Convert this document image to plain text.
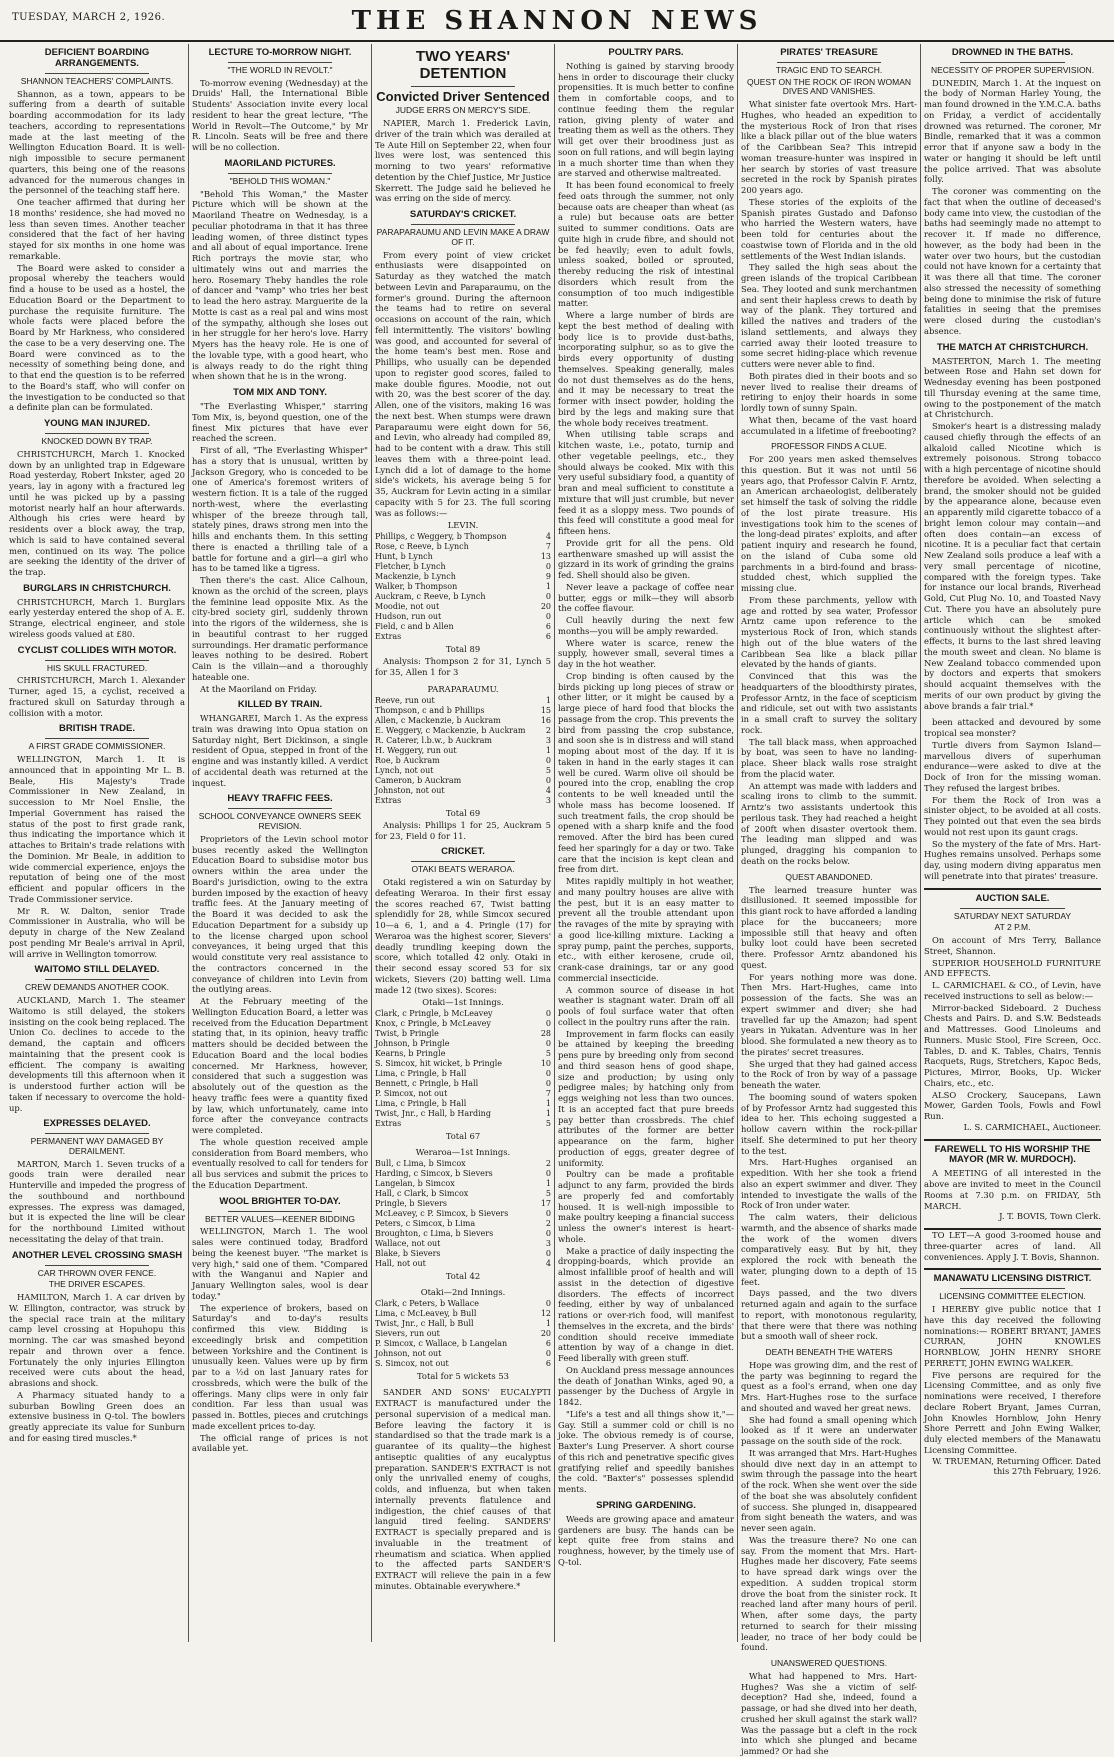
TUESDAY, MARCH 2, 1926.	THE SHANNON NEWS
DEFICIENT BOARDING ARRANGEMENTS.
SHANNON TEACHERS' COMPLAINTS.

Shannon, as a town, appears to be suffering from a dearth of suitable boarding accommodation for its lady teachers, according to representations made at the last meeting of the Wellington Education Board. It is well-nigh impossible to secure permanent quarters, this being one of the reasons advanced for the numerous changes in the personnel of the teaching staff here.

One teacher affirmed that during her 18 months' residence, she had moved no less than seven times. Another teacher considered that the fact of her having stayed for six months in one home was remarkable.

The Board were asked to consider a proposal whereby the teachers would find a house to be used as a hostel, the Education Board or the Department to purchase the requisite furniture. The whole facts were placed before the Board by Mr Harkness, who considered the case to be a very deserving one. The Board were convinced as to the necessity of something being done, and to that end the question is to be referred to the Board's staff, who will confer on the investigation to be conducted so that a definite plan can be formulated.

YOUNG MAN INJURED.
KNOCKED DOWN BY TRAP.

CHRISTCHURCH, March 1. Knocked down by an unlighted trap in Edgeware Road yesterday, Robert Inkster, aged 20 years, lay in agony with a fractured leg until he was picked up by a passing motorist nearly half an hour afterwards. Although his cries were heard by residents over a block away, the trap, which is said to have contained several men, continued on its way. The police are seeking the identity of the driver of the trap.

BURGLARS IN CHRISTCHURCH.

CHRISTCHURCH, March 1. Burglars early yesterday entered the shop of A. E. Strange, electrical engineer, and stole wireless goods valued at £80.

CYCLIST COLLIDES WITH MOTOR.
HIS SKULL FRACTURED.

CHRISTCHURCH, March 1. Alexander Turner, aged 15, a cyclist, received a fractured skull on Saturday through a collision with a motor.

BRITISH TRADE.
A FIRST GRADE COMMISSIONER.

WELLINGTON, March 1. It is announced that in appointing Mr L. B. Beale, His Majesty's Trade Commissioner in New Zealand, in succession to Mr Noel Enslie, the Imperial Government has raised the status of the post to first grade rank, thus indicating the importance which it attaches to Britain's trade relations with the Dominion. Mr Beale, in addition to wide commercial experience, enjoys the reputation of being one of the most efficient and popular officers in the Trade Commissioner service.

Mr R. W. Dalton, senior Trade Commissioner in Australia, who will be deputy in charge of the New Zealand post pending Mr Beale's arrival in April, will arrive in Wellington tomorrow.

WAITOMO STILL DELAYED.
CREW DEMANDS ANOTHER COOK.

AUCKLAND, March 1. The steamer Waitomo is still delayed, the stokers insisting on the cook being replaced. The Union Co. declines to accede to the demand, the captain and officers maintaining that the present cook is efficient. The company is awaiting developments till this afternoon when it is understood further action will be taken if necessary to overcome the hold-up.

EXPRESSES DELAYED.
PERMANENT WAY DAMAGED BY DERAILMENT.

MARTON, March 1. Seven trucks of a goods train were derailed near Hunterville and impeded the progress of the southbound and northbound expresses. The express was damaged, but it is expected the line will be clear for the northbound Limited without necessitating the delay of that train.

ANOTHER LEVEL CROSSING SMASH
CAR THROWN OVER FENCE.
THE DRIVER ESCAPES.

HAMILTON, March 1. A car driven by W. Ellington, contractor, was struck by the special race train at the military camp level crossing at Hopuhopu this morning. The car was smashed beyond repair and thrown over a fence. Fortunately the only injuries Ellington received were cuts about the head, abrasions and shock.

A Pharmacy situated handy to a suburban Bowling Green does an extensive business in Q-tol. The bowlers greatly appreciate its value for Sunburn and for easing tired muscles.*

LECTURE TO-MORROW NIGHT.
"THE WORLD IN REVOLT."

To-morrow evening (Wednesday) at the Druids' Hall, the International Bible Students' Association invite every local resident to hear the great lecture, "The World in Revolt—The Outcome," by Mr R. Lincoln. Seats will be free and there will be no collection.

MAORILAND PICTURES.
"BEHOLD THIS WOMAN."

"Behold This Woman," the Master Picture which will be shown at the Maoriland Theatre on Wednesday, is a peculiar photodrama in that it has three leading women, of three distinct types and all about of equal importance. Irene Rich portrays the movie star, who ultimately wins out and marries the hero. Rosemary Theby handles the role of dancer and "vamp" who tries her best to lead the hero astray. Marguerite de la Motte is cast as a real pal and wins most of the sympathy, although she loses out in her struggle for her hero's love. Harry Myers has the heavy role. He is one of the lovable type, with a good heart, who is always ready to do the right thing when shown that he is in the wrong.

TOM MIX AND TONY.

"The Everlasting Whisper," starring Tom Mix, is, beyond question, one of the finest Mix pictures that have ever reached the screen.

First of all, "The Everlasting Whisper" has a story that is unusual, written by Jackson Gregory, who is conceded to be one of America's foremost writers of western fiction. It is a tale of the rugged north-west, where the everlasting whisper of the breeze through tall, stately pines, draws strong men into the hills and enchants them. In this setting there is enacted a thrilling tale of a battle for fortune and a girl—a girl who has to be tamed like a tigress.

Then there's the cast. Alice Calhoun, known as the orchid of the screen, plays the feminine lead opposite Mix. As the city-bred society girl, suddenly thrown into the rigors of the wilderness, she is in beautiful contrast to her rugged surroundings. Her dramatic performance leaves nothing to be desired. Robert Cain is the villain—and a thoroughly hateable one.

At the Maoriland on Friday.

KILLED BY TRAIN.

WHANGAREI, March 1. As the express train was drawing into Opua station on Saturday night, Bert Dickinson, a single resident of Opua, stepped in front of the engine and was instantly killed. A verdict of accidental death was returned at the inquest.

HEAVY TRAFFIC FEES.
SCHOOL CONVEYANCE OWNERS SEEK REVISION.

Proprietors of the Levin school motor buses recently asked the Wellington Education Board to subsidise motor bus owners within the area under the Board's jurisdiction, owing to the extra burden imposed by the exaction of heavy traffic fees. At the January meeting of the Board it was decided to ask the Education Department for a subsidy up to the license charged upon school conveyances, it being urged that this would constitute very real assistance to the contractors concerned in the conveyance of children into Levin from the outlying areas.

At the February meeting of the Wellington Education Board, a letter was received from the Education Department stating that, in its opinion, heavy traffic matters should be decided between the Education Board and the local bodies concerned. Mr Harkness, however, considered that such a suggestion was absolutely out of the question as the heavy traffic fees were a quantity fixed by law, which unfortunately, came into force after the conveyance contracts were completed.

The whole question received ample consideration from Board members, who eventually resolved to call for tenders for all bus services and submit the prices to the Education Department.

WOOL BRIGHTER TO-DAY.
BETTER VALUES—KEENER BIDDING

WELLINGTON, March 1. The wool sales were continued today, Bradford being the keenest buyer. "The market is very high," said one of them. "Compared with the Wanganui and Napier and January Wellington sales, wool is dear today."

The experience of brokers, based on Saturday's and to-day's results confirmed this view. Bidding is exceedingly brisk and competition between Yorkshire and the Continent is unusually keen. Values were up by firm par to a ½d on last January rates for crossbreds, which were the bulk of the offerings. Many clips were in only fair condition. Far less than usual was passed in. Bottles, pieces and crutchings made excellent prices to-day.

The official range of prices is not available yet.

TWO YEARS' DETENTION
Convicted Driver Sentenced
JUDGE ERRS ON MERCY'S SIDE.

NAPIER, March 1. Frederick Lavin, driver of the train which was derailed at Te Aute Hill on September 22, when four lives were lost, was sentenced this morning to two years' reformative detention by the Chief Justice, Mr Justice Skerrett. The Judge said he believed he was erring on the side of mercy.

SATURDAY'S CRICKET.
PARAPARAUMU AND LEVIN MAKE A DRAW OF IT.

From every point of view cricket enthusiasts were disappointed on Saturday as they watched the match between Levin and Paraparaumu, on the former's ground. During the afternoon the teams had to retire on several occasions on account of the rain, which fell intermittently. The visitors' bowling was good, and accounted for several of the home team's best men. Rose and Phillips, who usually can be depended upon to register good scores, failed to make double figures. Moodie, not out with 20, was the best scorer of the day. Allen, one of the visitors, making 16 was the next best. When stumps were drawn Paraparaumu were eight down for 56, and Levin, who already had compiled 89, had to be content with a draw. This still leaves them with a three-point lead. Lynch did a lot of damage to the home side's wickets, his average being 5 for 35, Auckram for Levin acting in a similar capacity with 5 for 23. The full scoring was as follows:—

LEVIN.
Phillips, c Weggery, b Thompson	4
Rose, c Reeve, b Lynch	7
Hunt, b Lynch	13
Fletcher, b Lynch	0
Mackenzie, b Lynch	9
Walker, b Thompson	1
Auckram, c Reeve, b Lynch	0
Moodie, not out	20
Hudson, run out	0
Field, c and b Allen	6
Extras	6
Total 89

Analysis: Thompson 2 for 31, Lynch 5 for 35, Allen 1 for 3

PARAPARAUMU.
Reeve, run out	1
Thompson, c and b Phillips	15
Allen, c Mackenzie, b Auckram	16
E. Weggery, c Mackenzie, b Auckram	2
R. Caterer, l.b.w., b Auckram	3
H. Weggery, run out	1
Roe, b Auckram	0
Lynch, not out	5
Cameron, b Auckram	0
Johnston, not out	4
Extras	3
Total 69

Analysis: Phillips 1 for 25, Auckram 5 for 23, Field 0 for 11.

CRICKET.
OTAKI BEATS WERAROA.

Otaki registered a win on Saturday by defeating Weraroa. In their first essay the scores reached 67, Twist batting splendidly for 28, while Simcox secured 10—a 6, 1, and a 4. Pringle (17) for Weraroa was the highest scorer, Sievers' deadly trundling keeping down the score, which totalled 42 only. Otaki in their second essay scored 53 for six wickets, Sievers (20) batting well. Lima made 12 (two sixes). Scores:

Otaki—1st Innings.
Clark, c Pringle, b McLeavey	0
Knox, c Pringle, b McLeavey	0
Twist, b Pringle	28
Johnson, b Pringle	0
Kearns, b Pringle	5
S. Simcox, hit wicket, b Pringle	10
Lima, c Pringle, b Hall	0
Bennett, c Pringle, b Hall	0
P. Simcox, not out	7
Lima, c Pringle, b Hall	1
Twist, Jnr., c Hall, b Harding	1
Extras	5
Total 67
Weraroa—1st Innings.
Bull, c Lima, b Simcox	2
Harding, c Simcox, b Sievers	0
Langelan, b Simcox	1
Hall, c Clark, b Simcox	5
Pringle, b Sievers	17
McLeavey, c P. Simcox, b Sievers	0
Peters, c Simcox, b Lima	2
Broughton, c Lima, b Sievers	0
Wallace, not out	3
Blake, b Sievers	0
Hall, not out	4
Total 42
Otaki—2nd Innings.
Clark, c Peters, b Wallace	0
Lima, c McLeavey, b Bull	12
Twist, Jnr., c Hall, b Bull	1
Sievers, run out	20
P. Simcox, c Wallace, b Langelan	6
Johnson, not out	0
S. Simcox, not out	6
Total for 5 wickets 53

SANDER AND SONS' EUCALYPTI EXTRACT is manufactured under the personal supervision of a medical man. Before leaving the factory it is standardised so that the trade mark is a guarantee of its quality—the highest antiseptic qualities of any eucalyptus preparation. SANDER'S EXTRACT is not only the unrivalled enemy of coughs, colds, and influenza, but when taken internally prevents flatulence and indigestion, the chief causes of that languid tired feeling. SANDERS' EXTRACT is specially prepared and is invaluable in the treatment of rheumatism and sciatica. When applied to the affected parts SANDER'S EXTRACT will relieve the pain in a few minutes. Obtainable everywhere.*

POULTRY PARS.

Nothing is gained by starving broody hens in order to discourage their clucky propensities. It is much better to confine them in comfortable coops, and to continue feeding them the regular ration, giving plenty of water and treating them as well as the others. They will get over their broodiness just as soon on full rations, and will begin laying in a much shorter time than when they are starved and otherwise maltreated.

It has been found economical to freely feed oats through the summer, not only because oats are cheaper than wheat (as a rule) but because oats are better suited to summer conditions. Oats are quite high in crude fibre, and should not be fed heavily; even to adult fowls, unless soaked, boiled or sprouted, thereby reducing the risk of intestinal disorders which result from the consumption of too much indigestible matter.

Where a large number of birds are kept the best method of dealing with body lice is to provide dust-baths, incorporating sulphur, so as to give the birds every opportunity of dusting themselves. Speaking generally, males do not dust themselves as do the hens, and it may be necessary to treat the former with insect powder, holding the bird by the legs and making sure that the whole body receives treatment.

When utilising table scraps and kitchen waste, i.e., potato, turnip and other vegetable peelings, etc., they should always be cooked. Mix with this very useful subsidiary food, a quantity of bran and meal sufficient to constitute a mixture that will just crumble, but never feed it as a sloppy mess. Two pounds of this feed will constitute a good meal for fifteen hens.

Provide grit for all the pens. Old earthenware smashed up will assist the gizzard in its work of grinding the grains fed. Shell should also be given.

Never leave a package of coffee near butter, eggs or milk—they will absorb the coffee flavour.

Cull heavily during the next few months—you will be amply rewarded.

Where water is scarce, renew the supply, however small, several times a day in the hot weather.

Crop binding is often caused by the birds picking up long pieces of straw or other litter, or it might be caused by a large piece of hard food that blocks the passage from the crop. This prevents the bird from passing the crop substance, and soon she is in distress and will stand moping about most of the day. If it is taken in hand in the early stages it can well be cured. Warm olive oil should be poured into the crop, enabling the crop contents to be well kneaded until the whole mass has become loosened. If such treatment fails, the crop should be opened with a sharp knife and the food removed. After the bird has been cured feed her sparingly for a day or two. Take care that the incision is kept clean and free from dirt.

Mites rapidly multiply in hot weather, and many poultry houses are alive with the pest, but it is an easy matter to prevent all the trouble attendant upon the ravages of the mite by spraying with a good lice-killing mixture. Lacking a spray pump, paint the perches, supports, etc., with either kerosene, crude oil, crank-case drainings, tar or any good commercial insecticide.

A common source of disease in hot weather is stagnant water. Drain off all pools of foul surface water that often collect in the poultry runs after the rain.

Improvement in farm flocks can easily be attained by keeping the breeding pens pure by breeding only from second and third season hens of good shape, size and production; by using only pedigree males; by hatching only from eggs weighing not less than two ounces. It is an accepted fact that pure breeds pay better than crossbreds. The chief attributes of the former are better appearance on the farm, higher production of eggs, greater degree of uniformity.

Poultry can be made a profitable adjunct to any farm, provided the birds are properly fed and comfortably housed. It is well-nigh impossible to make poultry keeping a financial success unless the owner's interest is heart-whole.

Make a practice of daily inspecting the dropping-boards, which provide an almost infallible proof of health and will assist in the detection of digestive disorders. The effects of incorrect feeding, either by way of unbalanced rations or over-rich food, will manifest themselves in the excreta, and the birds' condition should receive immediate attention by way of a change in diet. Feed liberally with green stuff.

On Auckland press message announces the death of Jonathan Winks, aged 90, a passenger by the Duchess of Argyle in 1842.

"Life's a test and all things show it,"—Gay. Still a summer cold or chill is no joke. The obvious remedy is of course, Baxter's Lung Preserver. A short course of this rich and penetrative specific gives gratifying relief and speedily banishes the cold. "Baxter's" possesses splendid ments.

SPRING GARDENING.

Weeds are growing apace and amateur gardeners are busy. The hands can be kept quite free from stains and roughness, however, by the timely use of Q-tol.

PIRATES' TREASURE
TRAGIC END TO SEARCH.
QUEST ON THE ROCK OF IRON WOMAN DIVES AND VANISHES.

What sinister fate overtook Mrs. Hart-Hughes, who headed an expedition to the mysterious Rock of Iron that rises like a black pillar out of the blue waters of the Caribbean Sea? This intrepid woman treasure-hunter was inspired in her search by stories of vast treasure secreted in the rock by Spanish pirates 200 years ago.

These stories of the exploits of the Spanish pirates Gustado and Dafonso who harried the Western waters, have been told for centuries about the coastwise town of Florida and in the old settlements of the West Indian islands.

They sailed the high seas about the green islands of the tropical Caribbean Sea. They looted and sunk merchantmen and sent their hapless crews to death by way of the plank. They tortured and killed the natives and traders of the island settlements, and always they carried away their looted treasure to some secret hiding-place which revenue cutters were never able to find.

Both pirates died in their boots and so never lived to realise their dreams of retiring to enjoy their hoards in some lordly town of sunny Spain.

What then, became of the vast hoard accumulated in a lifetime of freebooting?

PROFESSOR FINDS A CLUE.

For 200 years men asked themselves this question. But it was not until 56 years ago, that Professor Calvin F. Arntz, an American archaeologist, deliberately set himself the task of solving the riddle of the lost pirate treasure. His investigations took him to the scenes of the long-dead pirates' exploits, and after patient inquiry and research he found, on the island of Cuba some old parchments in a bird-found and brass-studded chest, which supplied the missing clue.

From these parchments, yellow with age and rotted by sea water, Professor Arntz came upon reference to the mysterious Rock of Iron, which stands high out of the blue waters of the Caribbean Sea like a black pillar elevated by the hands of giants.

Convinced that this was the headquarters of the bloodthirsty pirates, Professor Arntz, in the face of scepticism and ridicule, set out with two assistants in a small craft to survey the solitary rock.

The tall black mass, when approached by boat, was seen to have no landing-place. Sheer black walls rose straight from the placid water.

An attempt was made with ladders and scaling irons to climb to the summit. Arntz's two assistants undertook this perilous task. They had reached a height of 200ft when disaster overtook them. The leading man slipped and was plunged, dragging his companion to death on the rocks below.

QUEST ABANDONED.

The learned treasure hunter was disillusioned. It seemed impossible for this giant rock to have afforded a landing place for the buccaneers; more impossible still that heavy and often bulky loot could have been secreted there. Professor Arntz abandoned his quest.

For years nothing more was done. Then Mrs. Hart-Hughes, came into possession of the facts. She was an expert swimmer and diver; she had travelled far up the Amazon; had spent years in Yukatan. Adventure was in her blood. She formulated a new theory as to the pirates' secret treasures.

She urged that they had gained access to the Rock of Iron by way of a passage beneath the water.

The booming sound of waters spoken of by Professor Arntz had suggested this idea to her. This echoing suggested a hollow cavern within the rock-pillar itself. She determined to put her theory to the test.

Mrs. Hart-Hughes organised an expedition. With her she took a friend also an expert swimmer and diver. They intended to investigate the walls of the Rock of Iron under water.

The calm waters, their delicious warmth, and the absence of sharks made the work of the women divers comparatively easy. But by hit, they explored the rock with beneath the water, plunging down to a depth of 15 feet.

Days passed, and the two divers returned again and again to the surface to report, with monotonous regularity, that there were that there was nothing but a smooth wall of sheer rock.

DEATH BENEATH THE WATERS

Hope was growing dim, and the rest of the party was beginning to regard the quest as a fool's errand, when one day Mrs. Hart-Hughes rose to the surface and shouted and waved her great news.

She had found a small opening which looked as if it were an underwater passage on the south side of the rock.

It was arranged that Mrs. Hart-Hughes should dive next day in an attempt to swim through the passage into the heart of the rock. When she went over the side of the boat she was absolutely confident of success. She plunged in, disappeared from sight beneath the waters, and was never seen again.

Was the treasure there? No one can say. From the moment that Mrs. Hart-Hughes made her discovery, Fate seems to have spread dark wings over the expedition. A sudden tropical storm drove the boat from the sinister rock. It reached land after many hours of peril. When, after some days, the party returned to search for their missing leader, no trace of her body could be found.

UNANSWERED QUESTIONS.

What had happened to Mrs. Hart-Hughes? Was she a victim of self-deception? Had she, indeed, found a passage, or had she dived into her death, crushed her skull against the stark wall? Was the passage but a cleft in the rock into which she plunged and became jammed? Or had she

DROWNED IN THE BATHS.
NECESSITY OF PROPER SUPERVISION.

DUNEDIN, March 1. At the inquest on the body of Norman Harley Young, the man found drowned in the Y.M.C.A. baths on Friday, a verdict of accidentally drowned was returned. The coroner, Mr Bindle, remarked that it was a common error that if anyone saw a body in the water or hanging it should be left until the police arrived. That was absolute folly.

The coroner was commenting on the fact that when the outline of deceased's body came into view, the custodian of the baths had seemingly made no attempt to recover it. If made no difference, however, as the body had been in the water over two hours, but the custodian could not have known for a certainty that it was there all that time. The coroner also stressed the necessity of something being done to minimise the risk of future fatalities in seeing that the premises were closed during the custodian's absence.

THE MATCH AT CHRISTCHURCH.

MASTERTON, March 1. The meeting between Rose and Hahn set down for Wednesday evening has been postponed till Thursday evening at the same time, owing to the postponement of the match at Christchurch.

Smoker's heart is a distressing malady caused chiefly through the effects of an alkaloid called Nicotine which is extremely poisonous. Strong tobacco with a high percentage of nicotine should therefore be avoided. When selecting a brand, the smoker should not be guided by the appearance alone, because even an apparently mild cigarette tobacco of a bright lemon colour may contain—and often does contain—an excess of nicotine. It is a peculiar fact that certain New Zealand soils produce a leaf with a very small percentage of nicotine, compared with the foreign types. Take for instance our local brands, Riverhead Gold, Cut Plug No. 10, and Toasted Navy Cut. There you have an absolutely pure article which can be smoked continuously without the slightest after-effects, it burns to the last shred leaving the mouth sweet and clean. No blame is New Zealand tobacco commended upon by doctors and experts that smokers should acquaint themselves with the merits of our own product by giving the above brands a fair trial.*

been attacked and devoured by some tropical sea monster?

Turtle divers from Saymon Island—marvellous divers of superhuman endurance—were asked to dive at the Dock of Iron for the missing woman. They refused the largest bribes.

For them the Rock of Iron was a sinister object, to be avoided at all costs. They pointed out that even the sea birds would not rest upon its gaunt crags.

So the mystery of the fate of Mrs. Hart-Hughes remains unsolved. Perhaps some day, using modern diving apparatus men will penetrate into that pirates' treasure.

AUCTION SALE.
SATURDAY NEXT SATURDAY
AT 2 P.M.

On account of Mrs Terry, Ballance Street, Shannon.

SUPERIOR HOUSEHOLD FURNITURE AND EFFECTS.

L. CARMICHAEL & CO., of Levin, have received instructions to sell as below:—

Mirror-backed Sideboard. 2 Duchess Chests and Pairs. D. and S.W. Bedsteads and Mattresses. Good Linoleums and Runners. Music Stool, Fire Screen, Occ. Tables, D. and K. Tables, Chairs, Tennis Racquets, Rugs, Stretchers, Kapoc Beds, Pictures, Mirror, Books, Up. Wicker Chairs, etc., etc.

ALSO Crockery, Saucepans, Lawn Mower, Garden Tools, Fowls and Fowl Run.

L. S. CARMICHAEL, Auctioneer.
FAREWELL TO HIS WORSHIP THE MAYOR (MR W. MURDOCH).

A MEETING of all interested in the above are invited to meet in the Council Rooms at 7.30 p.m. on FRIDAY, 5th MARCH.

J. T. BOVIS, Town Clerk.

TO LET—A good 3-roomed house and three-quarter acres of land. All conveniences. Apply J. T. Bovis, Shannon.

MANAWATU LICENSING DISTRICT.
LICENSING COMMITTEE ELECTION.

I HEREBY give public notice that I have this day received the following nominations:— ROBERT BRYANT, JAMES CURRAN, JOHN KNOWLES HORNBLOW, JOHN HENRY SHORE PERRETT, JOHN EWING WALKER.

Five persons are required for the Licensing Committee, and as only five nominations were received, I therefore declare Robert Bryant, James Curran, John Knowles Hornblow, John Henry Shore Perrett and John Ewing Walker, duly elected members of the Manawatu Licensing Committee.

W. TRUEMAN, Returning Officer. Dated this 27th February, 1926.
